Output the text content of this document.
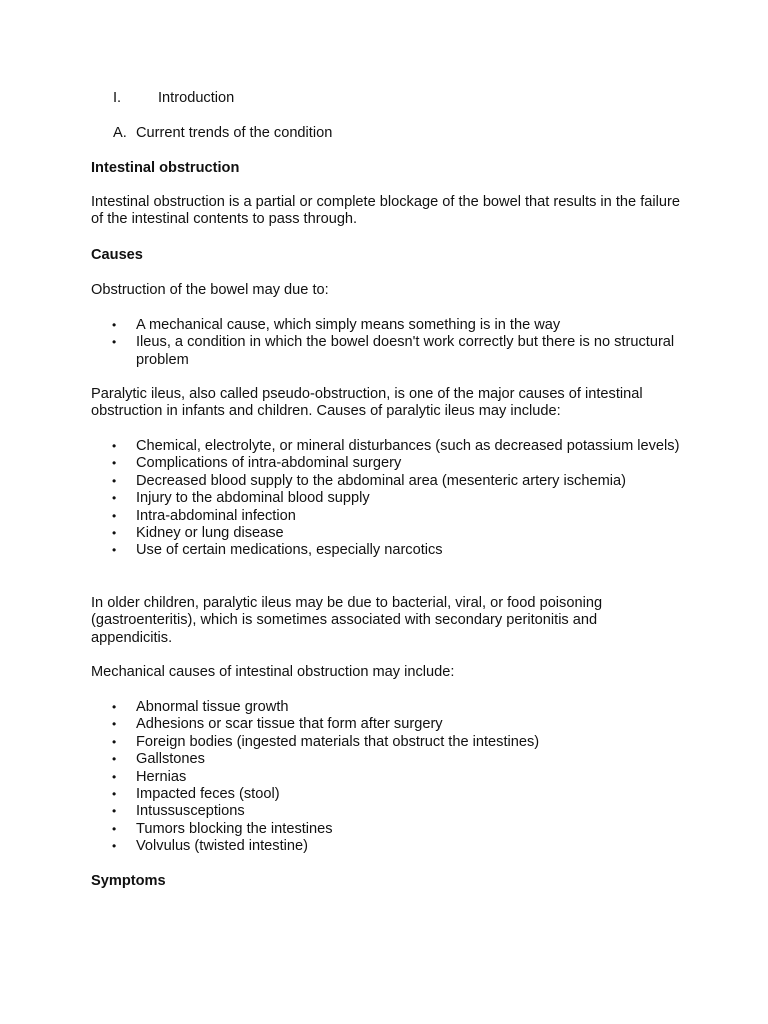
I.	Introduction
A. Current trends of the condition

Intestinal obstruction

Intestinal obstruction is a partial or complete blockage of the bowel that results in the failure of the intestinal contents to pass through.

Causes

Obstruction of the bowel may due to:

• A mechanical cause, which simply means something is in the way
• Ileus, a condition in which the bowel doesn't work correctly but there is no structural problem

Paralytic ileus, also called pseudo-obstruction, is one of the major causes of intestinal obstruction in infants and children. Causes of paralytic ileus may include:

• Chemical, electrolyte, or mineral disturbances (such as decreased potassium levels)
• Complications of intra-abdominal surgery
• Decreased blood supply to the abdominal area (mesenteric artery ischemia)
• Injury to the abdominal blood supply
• Intra-abdominal infection
• Kidney or lung disease
• Use of certain medications, especially narcotics

In older children, paralytic ileus may be due to bacterial, viral, or food poisoning (gastroenteritis), which is sometimes associated with secondary peritonitis and appendicitis.

Mechanical causes of intestinal obstruction may include:

• Abnormal tissue growth
• Adhesions or scar tissue that form after surgery
• Foreign bodies (ingested materials that obstruct the intestines)
• Gallstones
• Hernias
• Impacted feces (stool)
• Intussusceptions
• Tumors blocking the intestines
• Volvulus (twisted intestine)

Symptoms
